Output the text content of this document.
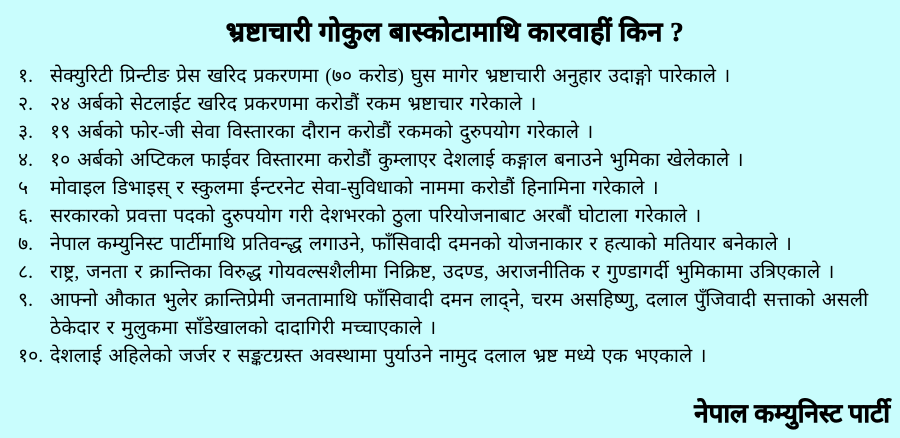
भ्रष्टाचारी गोकुल बास्कोटामाथि कारवाहीं किन ?
१. सेक्युरिटी प्रिन्टीङ प्रेस खरिद प्रकरणमा (७० करोड) घुस मागेर भ्रष्टाचारी अनुहार उदाङ्गो पारेकाले ।
२. २४ अर्बको सेटलाईट खरिद प्रकरणमा करोडौं रकम भ्रष्टाचार गरेकाले ।
३. १९ अर्बको फोर-जी सेवा विस्तारका दौरान करोडौं रकमको दुरुपयोग गरेकाले ।
४. १० अर्बको अप्टिकल फाईवर विस्तारमा करोडौं कुम्लाएर देशलाई कङ्गाल बनाउने भुमिका खेलेकाले ।
५	मोवाइल डिभाइस् र स्कुलमा ईन्टरनेट सेवा-सुविधाको नाममा करोडौं हिनामिना गरेकाले ।
६. सरकारको प्रवत्ता पदको दुरुपयोग गरी देशभरको ठुला परियोजनाबाट अरबौं घोटाला गरेकाले ।
७. नेपाल कम्युनिस्ट पार्टीमाथि प्रतिवन्द्ध लगाउने, फाँसिवादी दमनको योजनाकार र हत्याको मतियार बनेकाले ।
८. राष्ट्र, जनता र क्रान्तिका विरुद्ध गोयवल्सशैलीमा निक्रिष्ट, उदण्ड, अराजनीतिक र गुण्डागर्दी भुमिकामा उत्रिएकाले ।
९. आफ्नो औकात भुलेर क्रान्तिप्रेमी जनतामाथि फाँसिवादी दमन लाद्ने, चरम असहिष्णु, दलाल पुँजिवादी सत्ताको असली ठेकेदार र मुलुकमा साँडेखालको दादागिरी मच्चाएकाले ।
१०. देशलाई अहिलेको जर्जर र सङ्कटग्रस्त अवस्थामा पुर्याउने नामुद दलाल भ्रष्ट मध्ये एक भएकाले ।
नेपाल कम्युनिस्ट पार्टी
